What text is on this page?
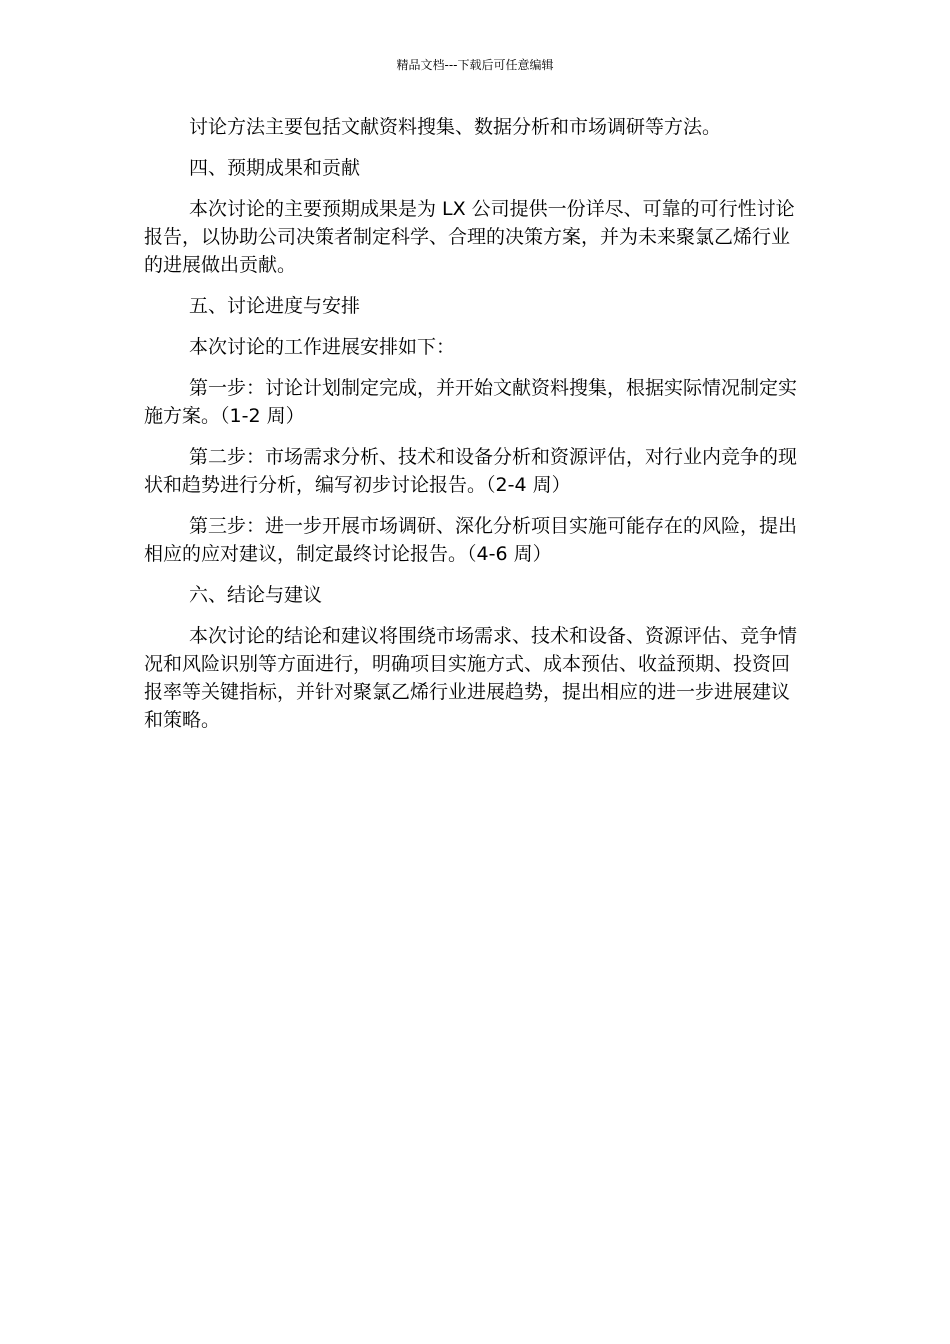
精品文档---下载后可任意编辑

讨论方法主要包括文献资料搜集、数据分析和市场调研等方法。

四、预期成果和贡献

本次讨论的主要预期成果是为 LX 公司提供一份详尽、可靠的可行性讨论报告，以协助公司决策者制定科学、合理的决策方案，并为未来聚氯乙烯行业的进展做出贡献。

五、讨论进度与安排

本次讨论的工作进展安排如下：

第一步：讨论计划制定完成，并开始文献资料搜集，根据实际情况制定实施方案。（1-2 周）

第二步：市场需求分析、技术和设备分析和资源评估，对行业内竞争的现状和趋势进行分析，编写初步讨论报告。（2-4 周）

第三步：进一步开展市场调研、深化分析项目实施可能存在的风险，提出相应的应对建议，制定最终讨论报告。（4-6 周）

六、结论与建议

本次讨论的结论和建议将围绕市场需求、技术和设备、资源评估、竞争情况和风险识别等方面进行，明确项目实施方式、成本预估、收益预期、投资回报率等关键指标，并针对聚氯乙烯行业进展趋势，提出相应的进一步进展建议和策略。
